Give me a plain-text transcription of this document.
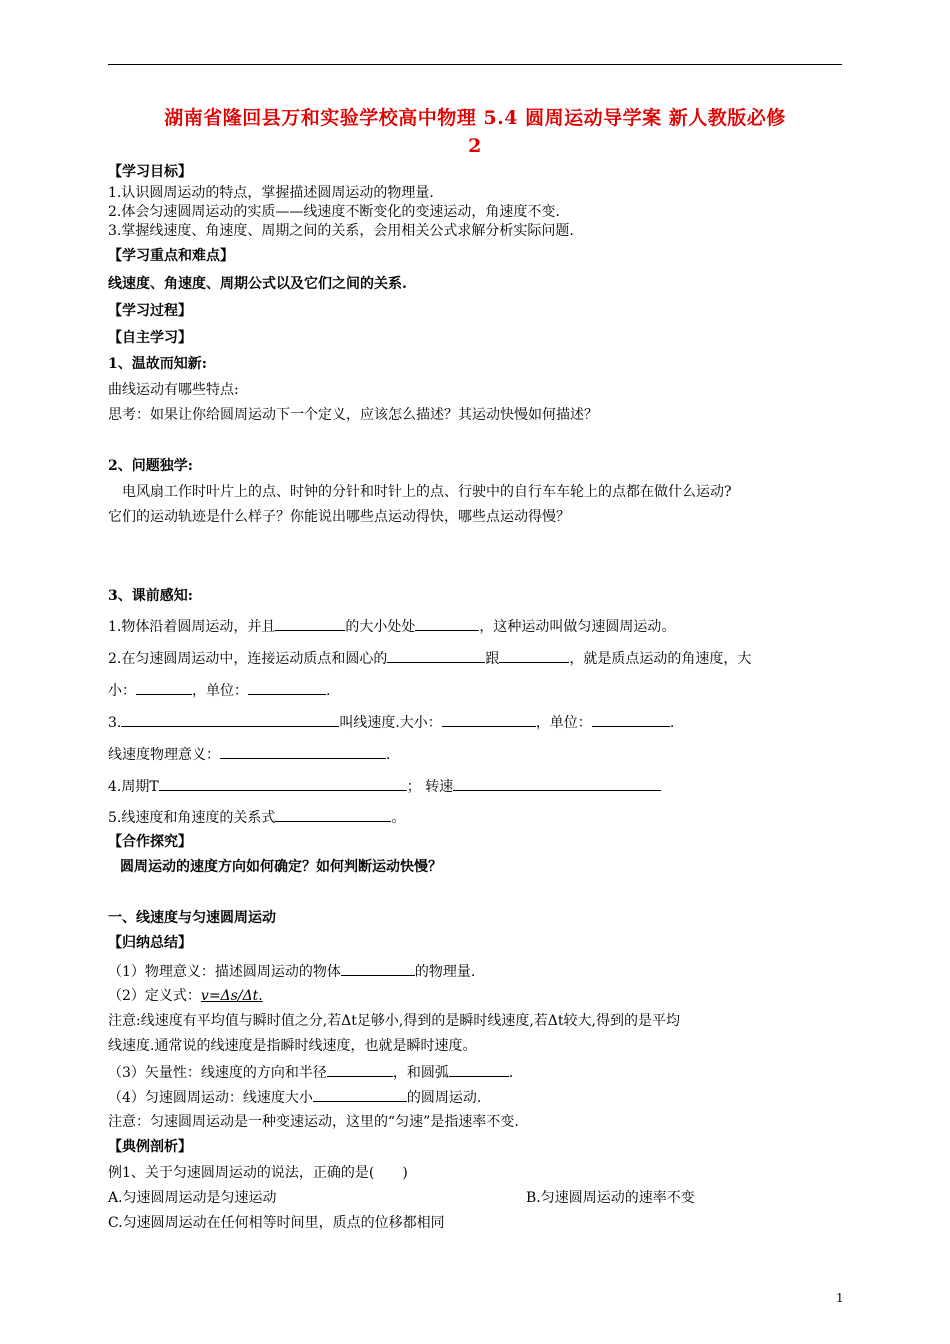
湖南省隆回县万和实验学校高中物理 5.4 圆周运动导学案 新人教版必修
2
【学习目标】
1.认识圆周运动的特点，掌握描述圆周运动的物理量.
2.体会匀速圆周运动的实质——线速度不断变化的变速运动，角速度不变.
3.掌握线速度、角速度、周期之间的关系，会用相关公式求解分析实际问题.
【学习重点和难点】
线速度、角速度、周期公式以及它们之间的关系.
【学习过程】
【自主学习】
1、温故而知新:
曲线运动有哪些特点:
思考：如果让你给圆周运动下一个定义，应该怎么描述？其运动快慢如何描述？
2、问题独学:
电风扇工作时叶片上的点、时钟的分针和时针上的点、行驶中的自行车车轮上的点都在做什么运动?
它们的运动轨迹是什么样子？你能说出哪些点运动得快，哪些点运动得慢？
3、课前感知:
1.物体沿着圆周运动，并且	的大小处处	，这种运动叫做匀速圆周运动。
2.在匀速圆周运动中，连接运动质点和圆心的	跟	，就是质点运动的角速度，大
小：	，单位：	.
3.	叫线速度.大小：	，单位：	.
线速度物理意义：	.
4.周期T	； 转速
5.线速度和角速度的关系式	。
【合作探究】
圆周运动的速度方向如何确定？如何判断运动快慢？
一、线速度与匀速圆周运动
【归纳总结】
（1）物理意义：描述圆周运动的物体	的物理量.
（2）定义式：v=Δs/Δt.
注意:线速度有平均值与瞬时值之分,若Δt足够小,得到的是瞬时线速度,若Δt较大,得到的是平均
线速度.通常说的线速度是指瞬时线速度，也就是瞬时速度。
（3）矢量性：线速度的方向和半径	，和圆弧	.
（4）匀速圆周运动：线速度大小	的圆周运动.
注意：匀速圆周运动是一种变速运动，这里的“匀速”是指速率不变.
【典例剖析】
例1、关于匀速圆周运动的说法，正确的是(　　)
A.匀速圆周运动是匀速运动	B.匀速圆周运动的速率不变
C.匀速圆周运动在任何相等时间里，质点的位移都相同
1
